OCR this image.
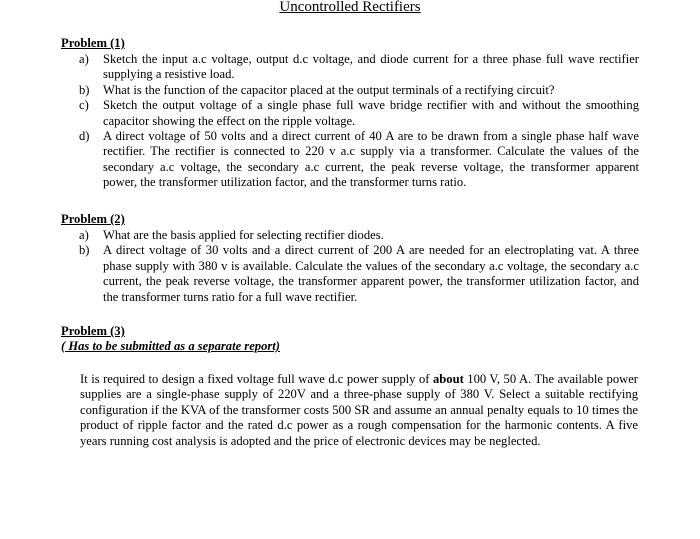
Uncontrolled Rectifiers
Problem (1)
a)	Sketch the input a.c voltage, output d.c voltage, and diode current for a three phase full wave rectifier supplying a resistive load.
b)	What is the function of the capacitor placed at the output terminals of a rectifying circuit?
c)	Sketch the output voltage of a single phase full wave bridge rectifier with and without the smoothing capacitor showing the effect on the ripple voltage.
d)	A direct voltage of 50 volts and a direct current of 40 A are to be drawn from a single phase half wave rectifier. The rectifier is connected to 220 v a.c supply via a transformer. Calculate the values of the secondary a.c voltage, the secondary a.c current, the peak reverse voltage, the transformer apparent power, the transformer utilization factor, and the transformer turns ratio.
Problem (2)
a)	What are the basis applied for selecting rectifier diodes.
b)	A direct voltage of 30 volts and a direct current of 200 A are needed for an electroplating vat. A three phase supply with 380 v is available. Calculate the values of the secondary a.c voltage, the secondary a.c current, the peak reverse voltage, the transformer apparent power, the transformer utilization factor, and the transformer turns ratio for a full wave rectifier.
Problem (3)
( Has to be submitted as a separate report)
It is required to design a fixed voltage full wave d.c power supply of about 100 V, 50 A. The available power supplies are a single-phase supply of 220V and a three-phase supply of 380 V. Select a suitable rectifying configuration if the KVA of the transformer costs 500 SR and assume an annual penalty equals to 10 times the product of ripple factor and the rated d.c power as a rough compensation for the harmonic contents. A five years running cost analysis is adopted and the price of electronic devices may be neglected.
